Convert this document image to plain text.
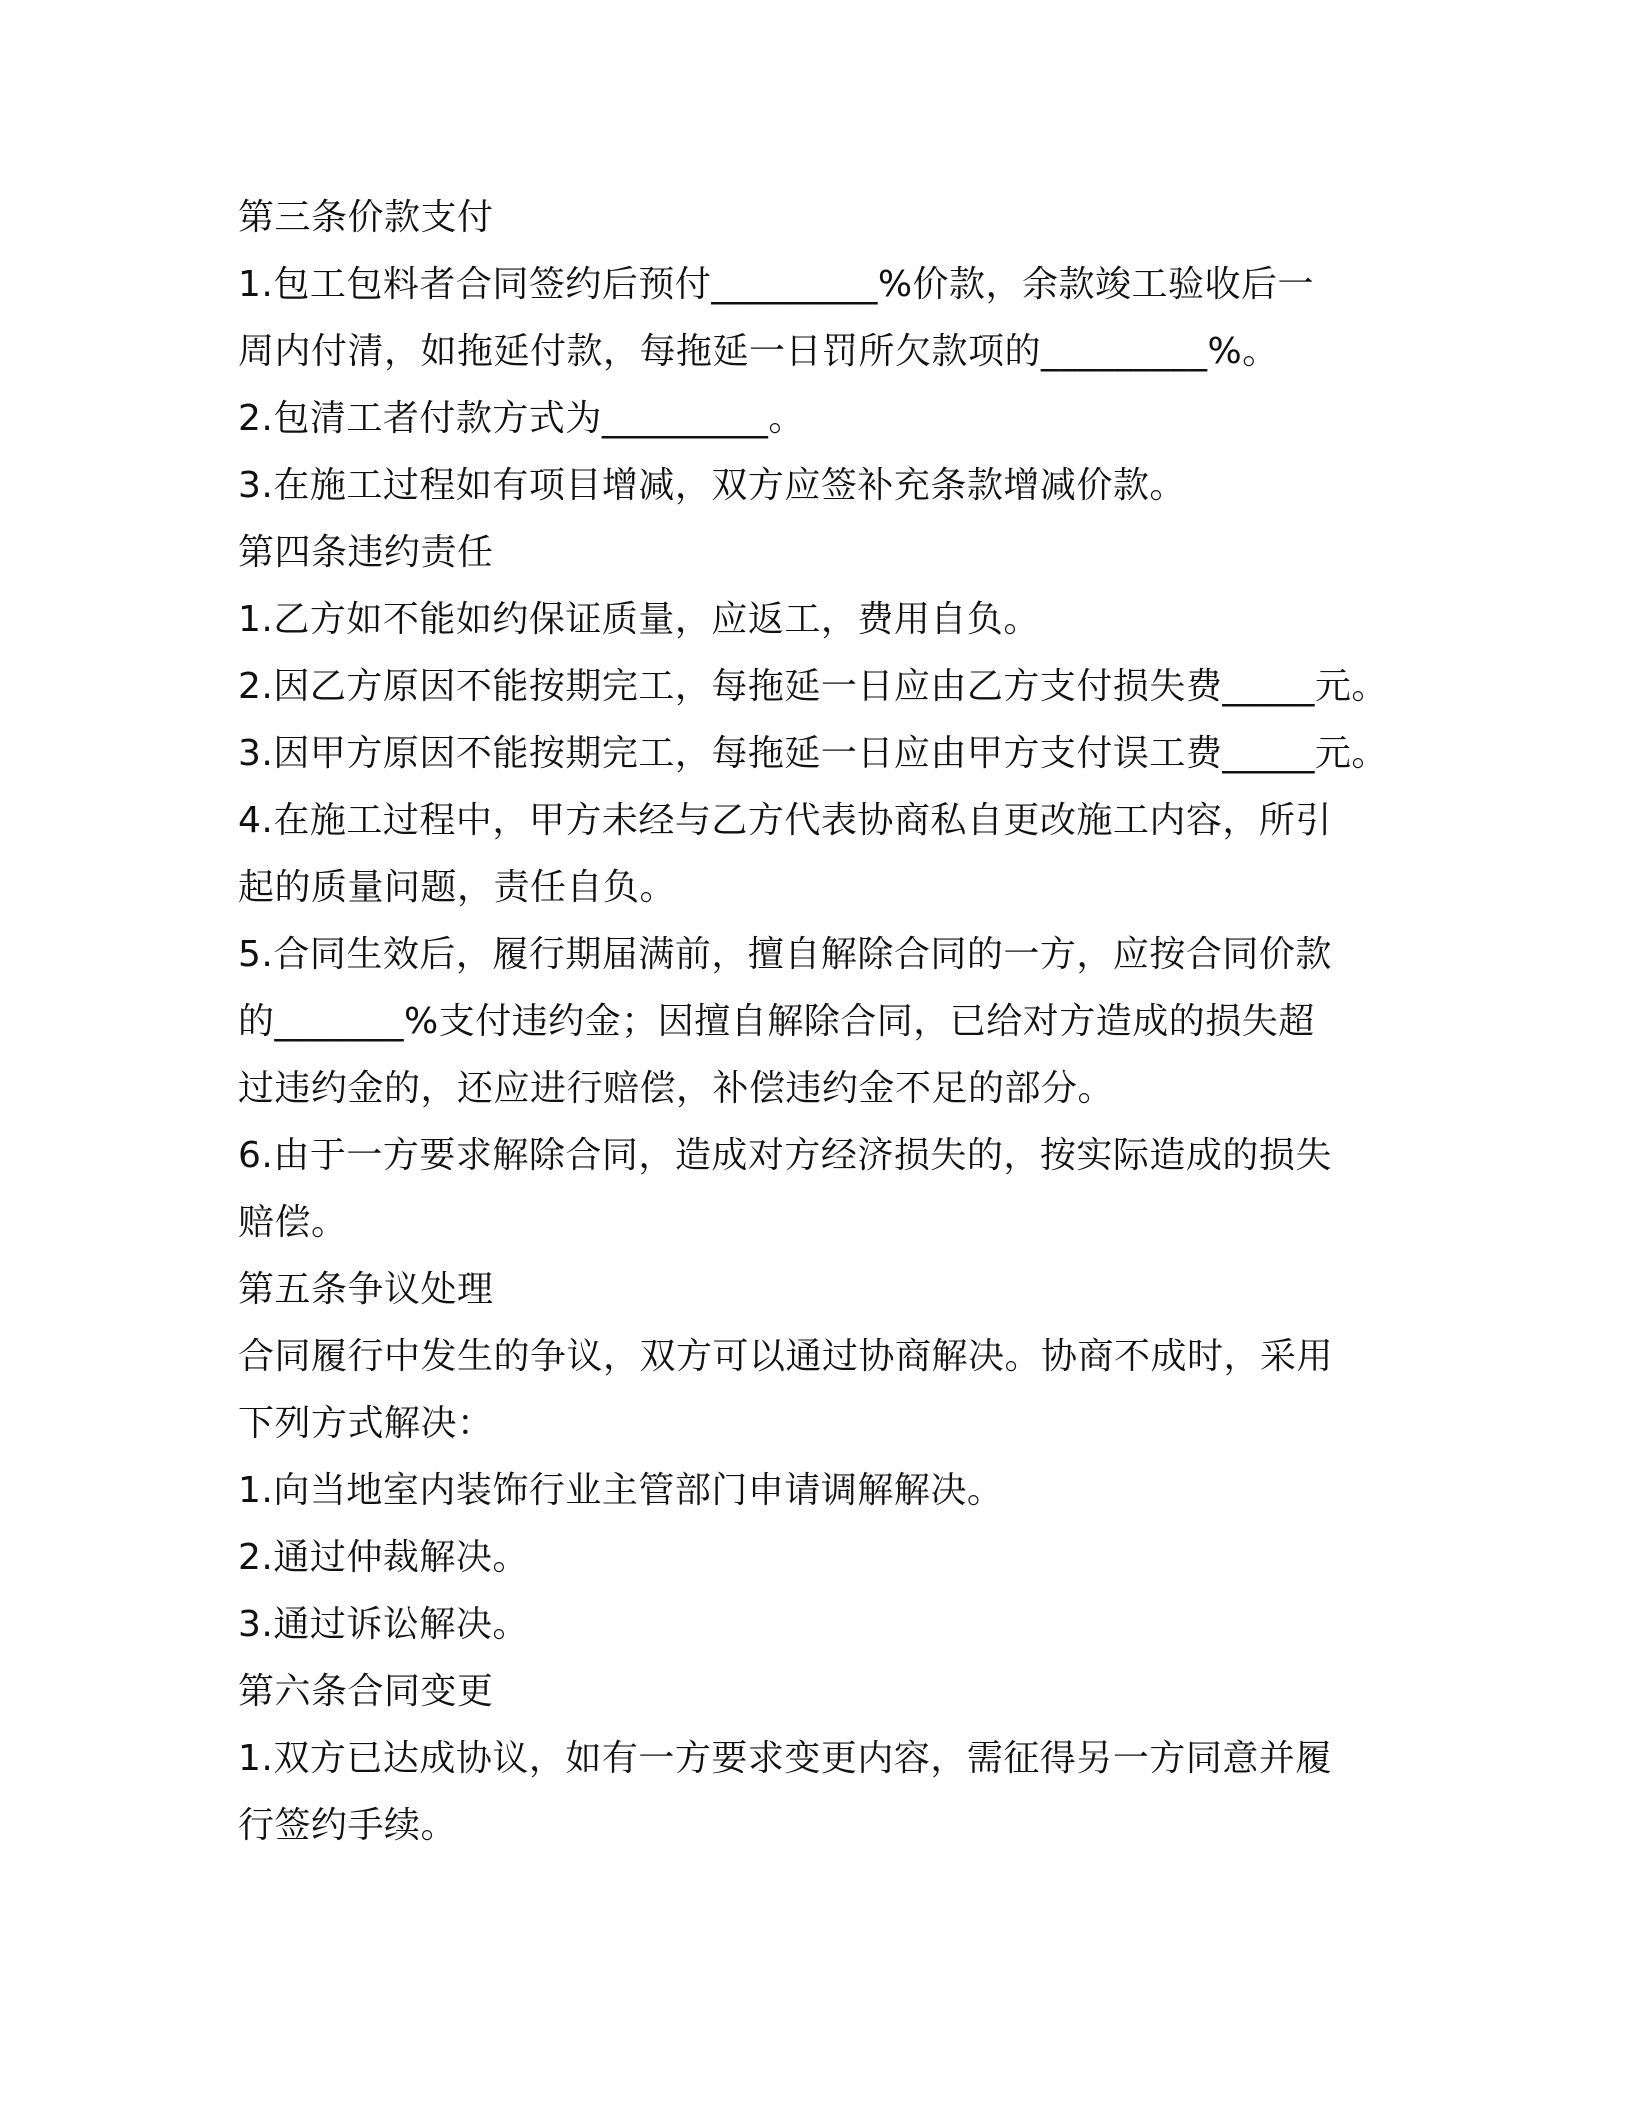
第三条价款支付
1.包工包料者合同签约后预付_________%价款，余款竣工验收后一
周内付清，如拖延付款，每拖延一日罚所欠款项的_________%。
2.包清工者付款方式为_________。
3.在施工过程如有项目增减，双方应签补充条款增减价款。
第四条违约责任
1.乙方如不能如约保证质量，应返工，费用自负。
2.因乙方原因不能按期完工，每拖延一日应由乙方支付损失费_____元。
3.因甲方原因不能按期完工，每拖延一日应由甲方支付误工费_____元。
4.在施工过程中，甲方未经与乙方代表协商私自更改施工内容，所引
起的质量问题，责任自负。
5.合同生效后，履行期届满前，擅自解除合同的一方，应按合同价款
的_______%支付违约金；因擅自解除合同，已给对方造成的损失超
过违约金的，还应进行赔偿，补偿违约金不足的部分。
6.由于一方要求解除合同，造成对方经济损失的，按实际造成的损失
赔偿。
第五条争议处理
合同履行中发生的争议，双方可以通过协商解决。协商不成时，采用
下列方式解决：
1.向当地室内装饰行业主管部门申请调解解决。
2.通过仲裁解决。
3.通过诉讼解决。
第六条合同变更
1.双方已达成协议，如有一方要求变更内容，需征得另一方同意并履
行签约手续。
